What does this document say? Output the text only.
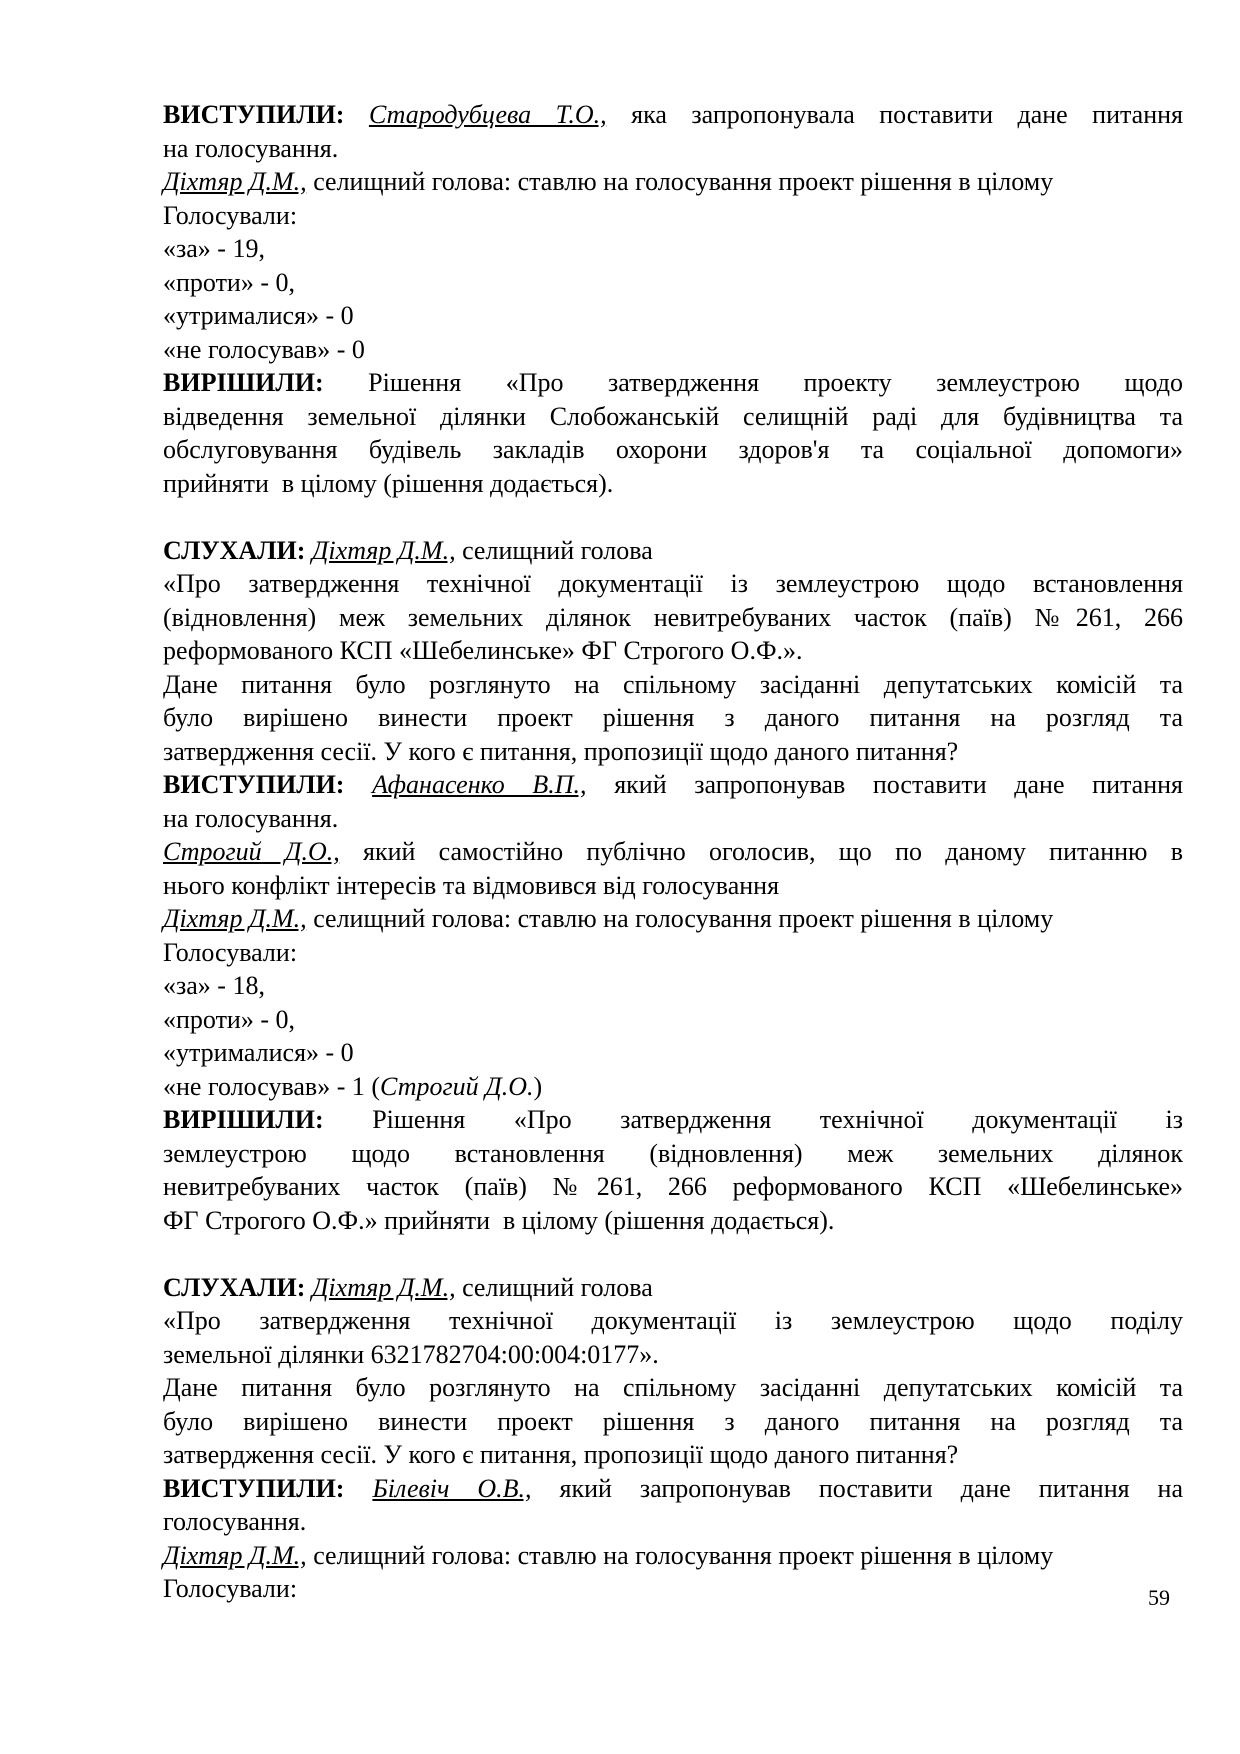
ВИСТУПИЛИ: Стародубцева Т.О., яка запропонувала поставити дане питання
на голосування.
Діхтяр Д.М., селищний голова: ставлю на голосування проект рішення в цілому
Голосували:
«за» - 19,
«проти» - 0,
«утрималися» - 0
«не голосував» - 0
ВИРІШИЛИ: Рішення «Про затвердження проекту землеустрою щодо
відведення земельної ділянки Слобожанській селищній раді для будівництва та
обслуговування будівель закладів охорони здоров'я та соціальної допомоги»
прийняти  в цілому (рішення додається).
СЛУХАЛИ: Діхтяр Д.М., селищний голова
«Про затвердження технічної документації із землеустрою щодо встановлення
(відновлення) меж земельних ділянок невитребуваних часток (паїв) №261, 266
реформованого КСП «Шебелинське» ФГ Строгого О.Ф.».
Дане питання було розглянуто на спільному засіданні депутатських комісій та
було вирішено винести проект рішення з даного питання на розгляд та
затвердження сесії. У кого є питання, пропозиції щодо даного питання?
ВИСТУПИЛИ: Афанасенко В.П., який запропонував поставити дане питання
на голосування.
Строгий Д.О., який самостійно публічно оголосив, що по даному питанню в
нього конфлікт інтересів та відмовився від голосування
Діхтяр Д.М., селищний голова: ставлю на голосування проект рішення в цілому
Голосували:
«за» - 18,
«проти» - 0,
«утрималися» - 0
«не голосував» - 1 (Строгий Д.О.)
ВИРІШИЛИ: Рішення «Про затвердження технічної документації із
землеустрою щодо встановлення (відновлення) меж земельних ділянок
невитребуваних часток (паїв) №261, 266 реформованого КСП «Шебелинське»
ФГ Строгого О.Ф.» прийняти  в цілому (рішення додається).
СЛУХАЛИ: Діхтяр Д.М., селищний голова
«Про затвердження технічної документації із землеустрою щодо поділу
земельної ділянки 6321782704:00:004:0177».
Дане питання було розглянуто на спільному засіданні депутатських комісій та
було вирішено винести проект рішення з даного питання на розгляд та
затвердження сесії. У кого є питання, пропозиції щодо даного питання?
ВИСТУПИЛИ: Білевіч О.В., який запропонував поставити дане питання на
голосування.
Діхтяр Д.М., селищний голова: ставлю на голосування проект рішення в цілому
Голосували:	59
